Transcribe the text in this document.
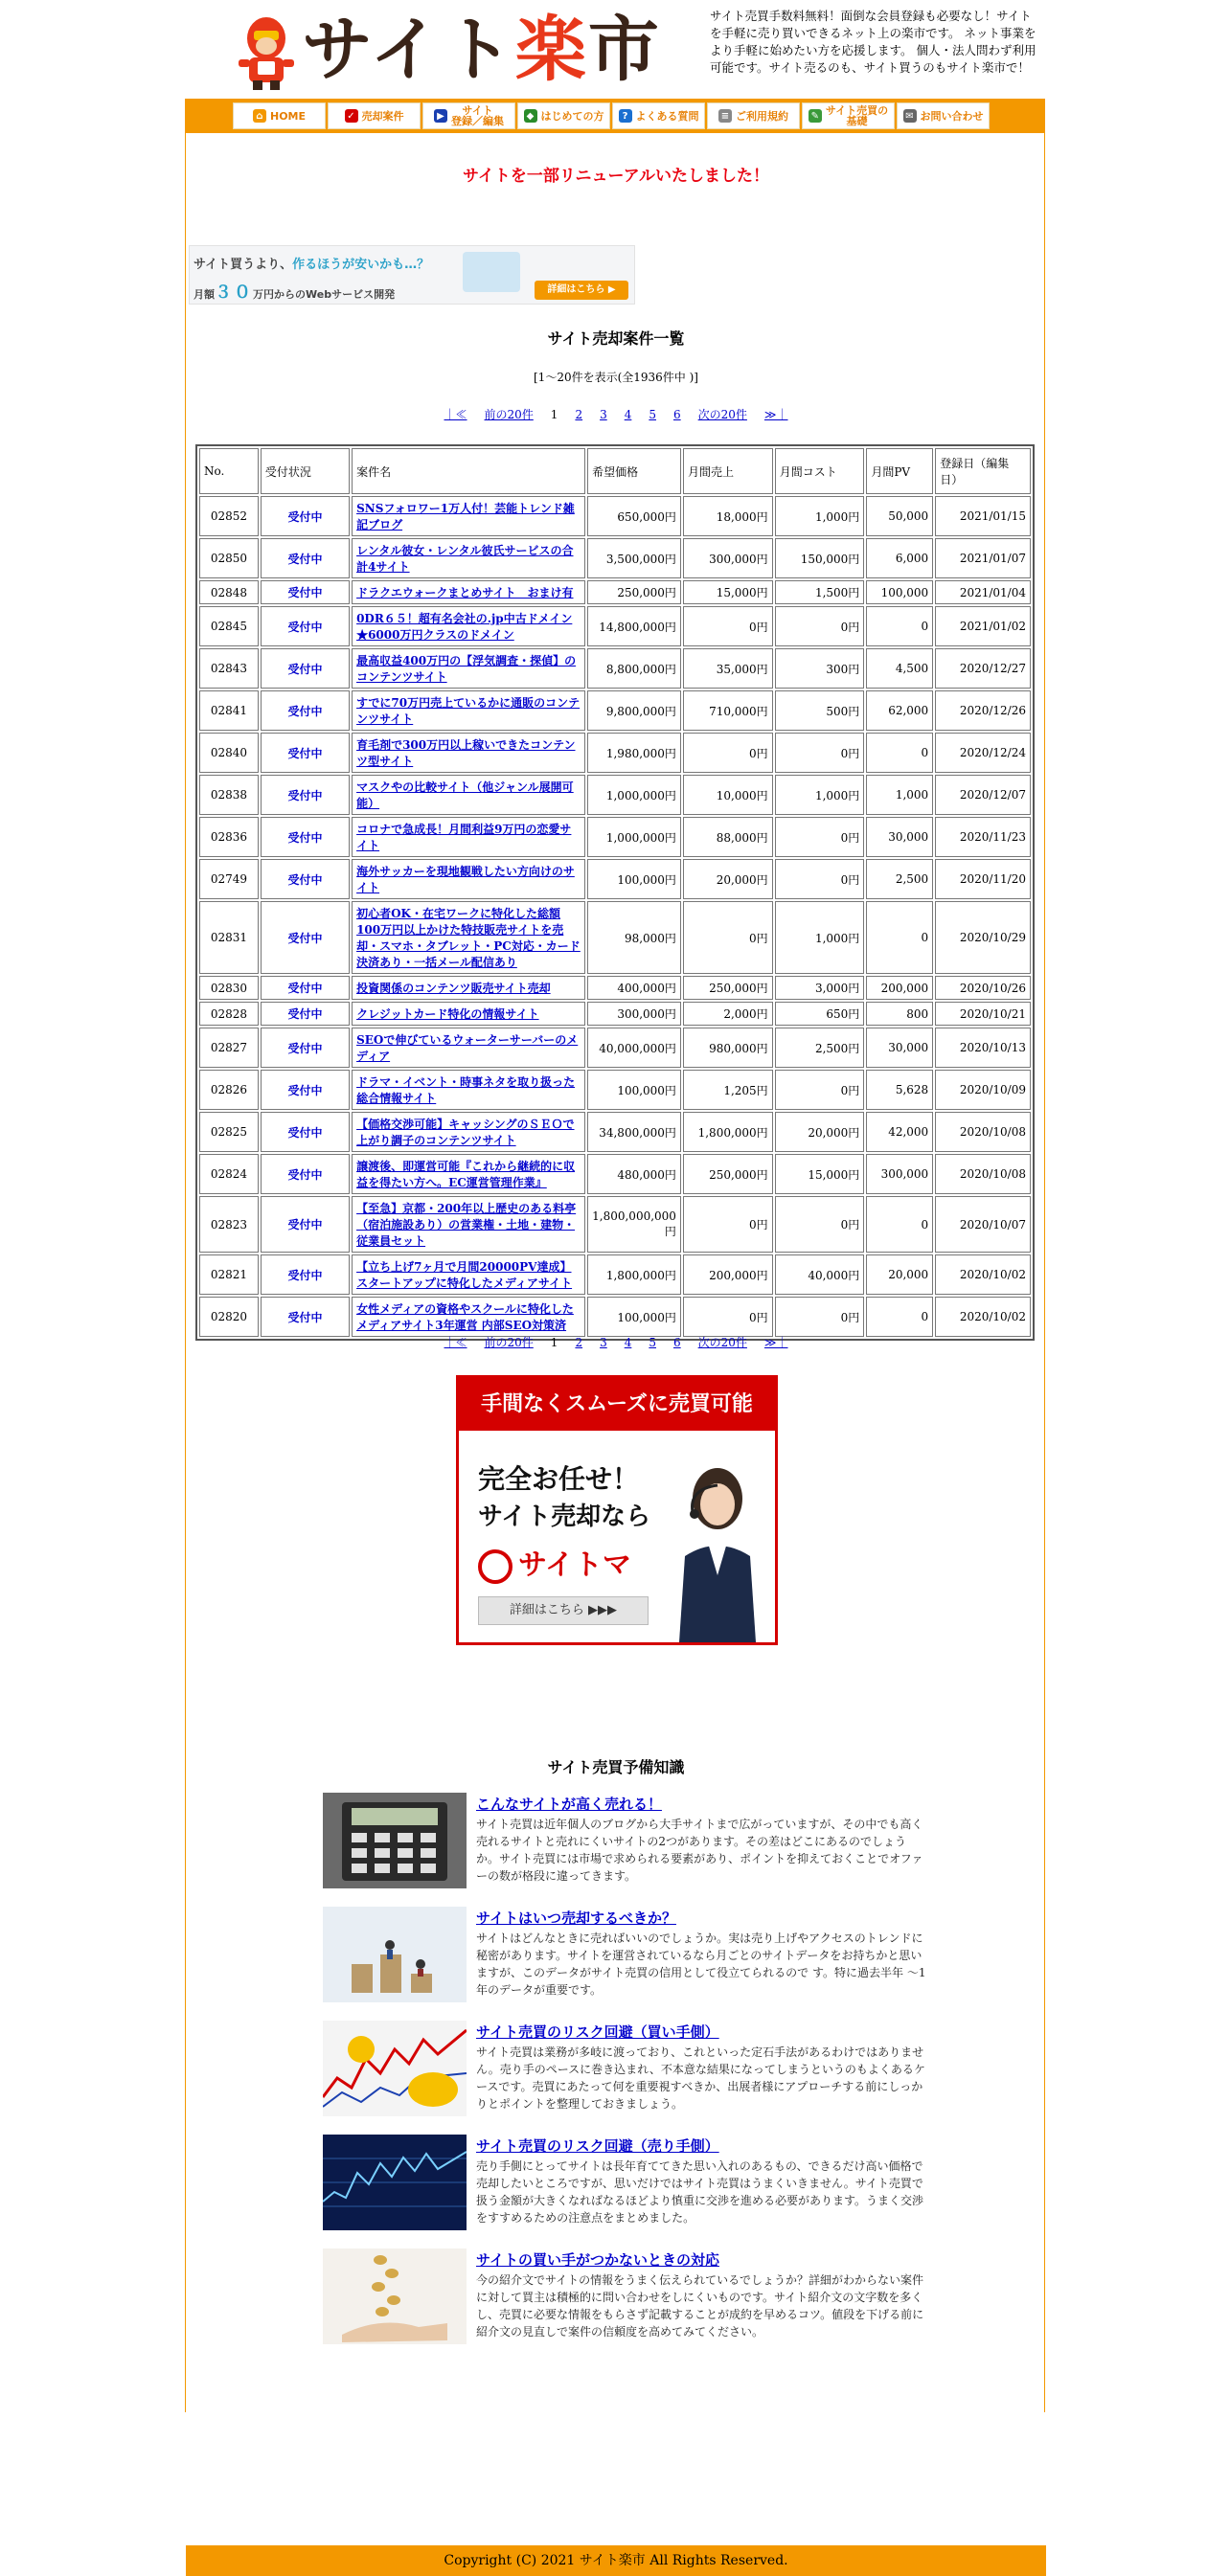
サイト楽市	サイト売買手数料無料！面倒な会員登録も必要なし！サイトを手軽に売り買いできるネット上の楽市です。 ネット事業をより手軽に始めたい方を応援します。 個人・法人問わず利用可能です。サイト売るのも、サイト買うのもサイト楽市で！
⌂ HOME	✓ 売却案件	▶	サイト
登録／編集	◆ はじめての方	? よくある質問 ≡ ご利用規約 ✎ サイト売買の
基礎	✉ お問い合わせ
サイトを一部リニューアルいたしました！
サイト買うより、作るほうが安いかも…？
月額３０万円からのWebサービス開発	詳細はこちら ▶
サイト売却案件一覧
[1～20件を表示(全1936件中 )]
｜≪ 前の20件 1 2 3 4 5 6 次の20件 ≫｜
No.	受付状況	案件名	希望価格	月間売上	月間コスト	月間PV	登録日（編集日）
02852	受付中	SNSフォロワー1万人付！芸能トレンド雑記ブログ	650,000円	18,000円	1,000円	50,000	2021/01/15
02850	受付中	レンタル彼女・レンタル彼氏サービスの合計4サイト	3,500,000円	300,000円	150,000円	6,000	2021/01/07
02848	受付中	ドラクエウォークまとめサイト　おまけ有	250,000円	15,000円	1,500円	100,000	2021/01/04
02845	受付中	0DR６５！超有名会社の.jp中古ドメイン★6000万円クラスのドメイン	14,800,000円	0円	0円	0	2021/01/02
02843	受付中	最高収益400万円の【浮気調査・探偵】のコンテンツサイト	8,800,000円	35,000円	300円	4,500	2020/12/27
02841	受付中	すでに70万円売上ているかに通販のコンテンツサイト	9,800,000円	710,000円	500円	62,000	2020/12/26
02840	受付中	育毛剤で300万円以上稼いできたコンテンツ型サイト	1,980,000円	0円	0円	0	2020/12/24
02838	受付中	マスクやの比較サイト（他ジャンル展開可能）	1,000,000円	10,000円	1,000円	1,000	2020/12/07
02836	受付中	コロナで急成長！月間利益9万円の恋愛サイト	1,000,000円	88,000円	0円	30,000	2020/11/23
02749	受付中	海外サッカーを現地観戦したい方向けのサイト	100,000円	20,000円	0円	2,500	2020/11/20
02831	受付中	初心者OK・在宅ワークに特化した総額100万円以上かけた特技販売サイトを売却・スマホ・タブレット・PC対応・カード決済あり・一括メール配信あり	98,000円	0円	1,000円	0	2020/10/29
02830	受付中	投資関係のコンテンツ販売サイト売却	400,000円	250,000円	3,000円	200,000	2020/10/26
02828	受付中	クレジットカード特化の情報サイト	300,000円	2,000円	650円	800	2020/10/21
02827	受付中	SEOで伸びているウォーターサーバーのメディア	40,000,000円	980,000円	2,500円	30,000	2020/10/13
02826	受付中	ドラマ・イベント・時事ネタを取り扱った総合情報サイト	100,000円	1,205円	0円	5,628	2020/10/09
02825	受付中	【価格交渉可能】キャッシングのＳＥＯで上がり調子のコンテンツサイト	34,800,000円	1,800,000円	20,000円	42,000	2020/10/08
02824	受付中	譲渡後、即運営可能『これから継続的に収益を得たい方へ。EC運営管理作業』	480,000円	250,000円	15,000円	300,000	2020/10/08
02823	受付中	【至急】京都・200年以上歴史のある料亭（宿泊施設あり）の営業権・土地・建物・従業員セット	1,800,000,000円	0円	0円	0	2020/10/07
02821	受付中	【立ち上げ7ヶ月で月間20000PV達成】スタートアップに特化したメディアサイト	1,800,000円	200,000円	40,000円	20,000	2020/10/02
02820	受付中	女性メディアの資格やスクールに特化したメディアサイト3年運営 内部SEO対策済	100,000円	0円	0円	0	2020/10/02
｜≪ 前の20件 1 2 3 4 5 6 次の20件 ≫｜
手間なくスムーズに売買可能
完全お任せ！
サイト売却なら
サイトマ
詳細はこちら ▶▶▶
サイト売買予備知識
こんなサイトが高く売れる！
サイト売買は近年個人のブログから大手サイトまで広がっていますが、その中でも高く売れるサイトと売れにくいサイトの2つがあります。その差はどこにあるのでしょうか。サイト売買には市場で求められる要素があり、ポイントを抑えておくことでオファーの数が格段に違ってきます。
サイトはいつ売却するべきか？
サイトはどんなときに売ればいいのでしょうか。実は売り上げやアクセスのトレンドに秘密があります。サイトを運営されているなら月ごとのサイトデータをお持ちかと思いますが、このデータがサイト売買の信用として役立てられるので す。特に過去半年 ～1年のデータが重要です。
サイト売買のリスク回避（買い手側）
サイト売買は業務が多岐に渡っており、これといった定石手法があるわけではありません。売り手のペースに巻き込まれ、不本意な結果になってしまうというのもよくあるケースです。売買にあたって何を重要視すべきか、出展者様にアプローチする前にしっかりとポイントを整理しておきましょう。
サイト売買のリスク回避（売り手側）
売り手側にとってサイトは長年育ててきた思い入れのあるもの、できるだけ高い価格で売却したいところですが、思いだけではサイト売買はうまくいきません。サイト売買で扱う金額が大きくなればなるほどより慎重に交渉を進める必要があります。うまく交渉をすすめるための注意点をまとめました。
サイトの買い手がつかないときの対応
今の紹介文でサイトの情報をうまく伝えられているでしょうか？詳細がわからない案件に対して買主は積極的に問い合わせをしにくいものです。サイト紹介文の文字数を多くし、売買に必要な情報をもらさず記載することが成約を早めるコツ。値段を下げる前に紹介文の見直しで案件の信頼度を高めてみてください。
Copyright (C) 2021 サイト楽市 All Rights Reserved.
